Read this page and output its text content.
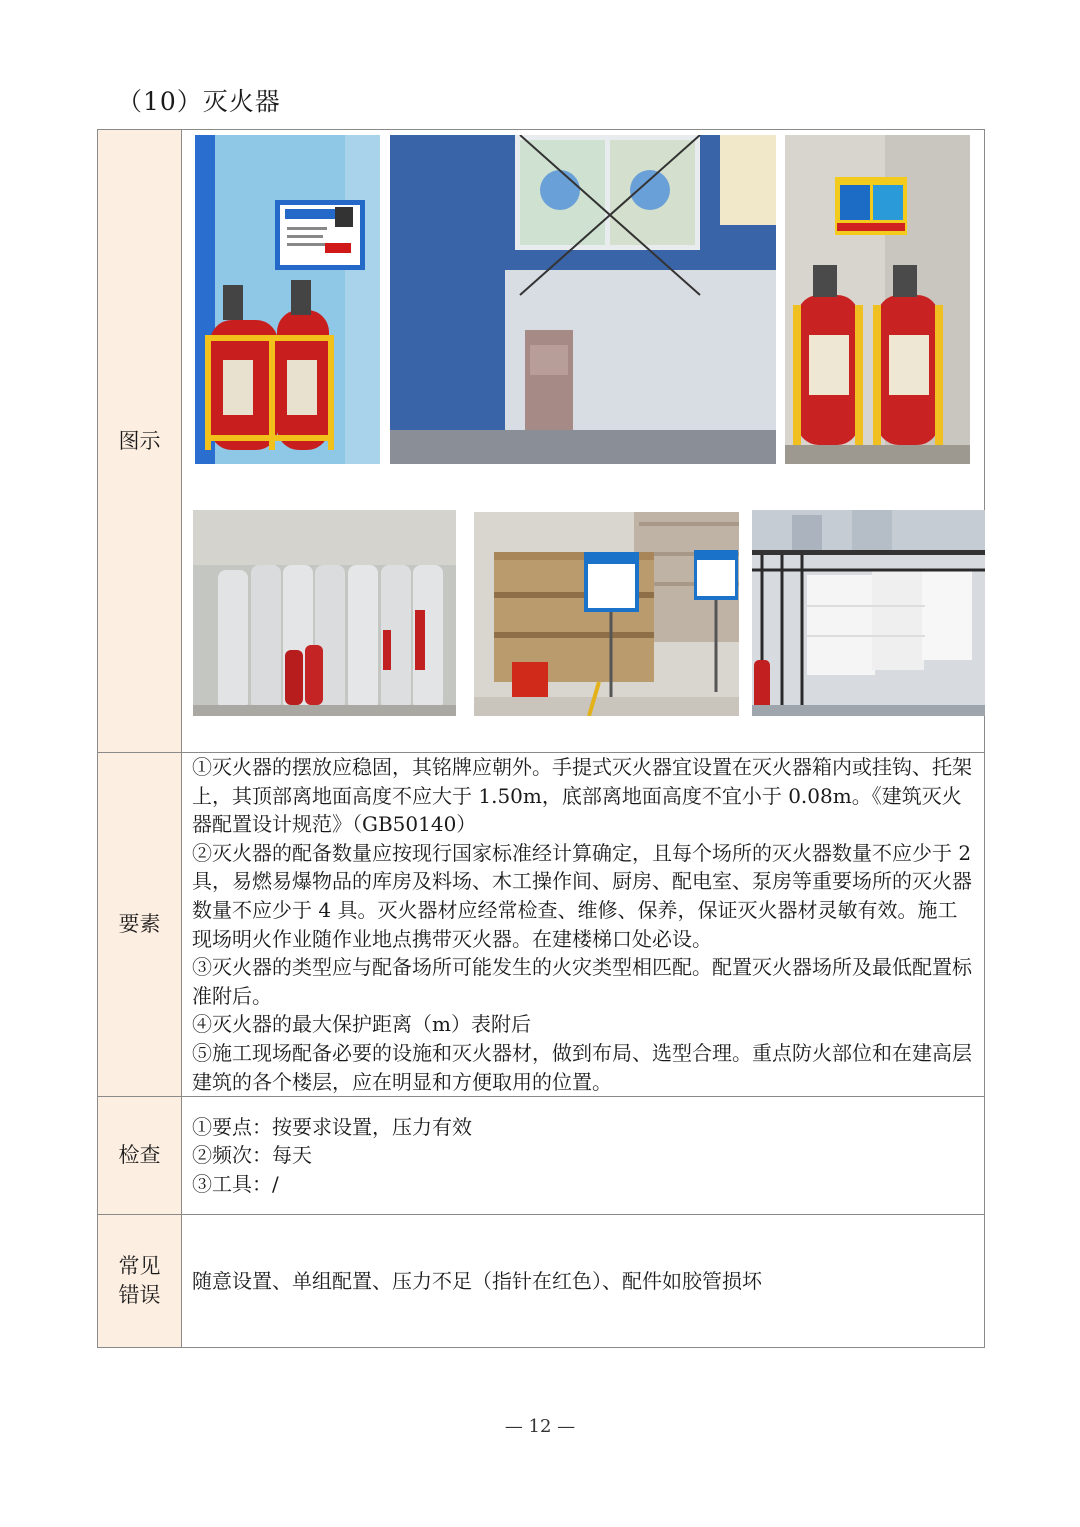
（10）灭火器
图示	

要素	①灭火器的摆放应稳固，其铭牌应朝外。手提式灭火器宜设置在灭火器箱内或挂钩、托架上，其顶部离地面高度不应大于 1.50m，底部离地面高度不宜小于 0.08m。《建筑灭火器配置设计规范》（GB50140）

②灭火器的配备数量应按现行国家标准经计算确定，且每个场所的灭火器数量不应少于 2 具，易燃易爆物品的库房及料场、木工操作间、厨房、配电室、泵房等重要场所的灭火器数量不应少于 4 具。灭火器材应经常检查、维修、保养，保证灭火器材灵敏有效。施工现场明火作业随作业地点携带灭火器。在建楼梯口处必设。

③灭火器的类型应与配备场所可能发生的火灾类型相匹配。配置灭火器场所及最低配置标准附后。

④灭火器的最大保护距离（m）表附后

⑤施工现场配备必要的设施和灭火器材，做到布局、选型合理。重点防火部位和在建高层建筑的各个楼层，应在明显和方便取用的位置。

检查	①要点：按要求设置，压力有效

②频次：每天

③工具：/

常见
错误	随意设置、单组配置、压力不足（指针在红色）、配件如胶管损坏

— 12 —
